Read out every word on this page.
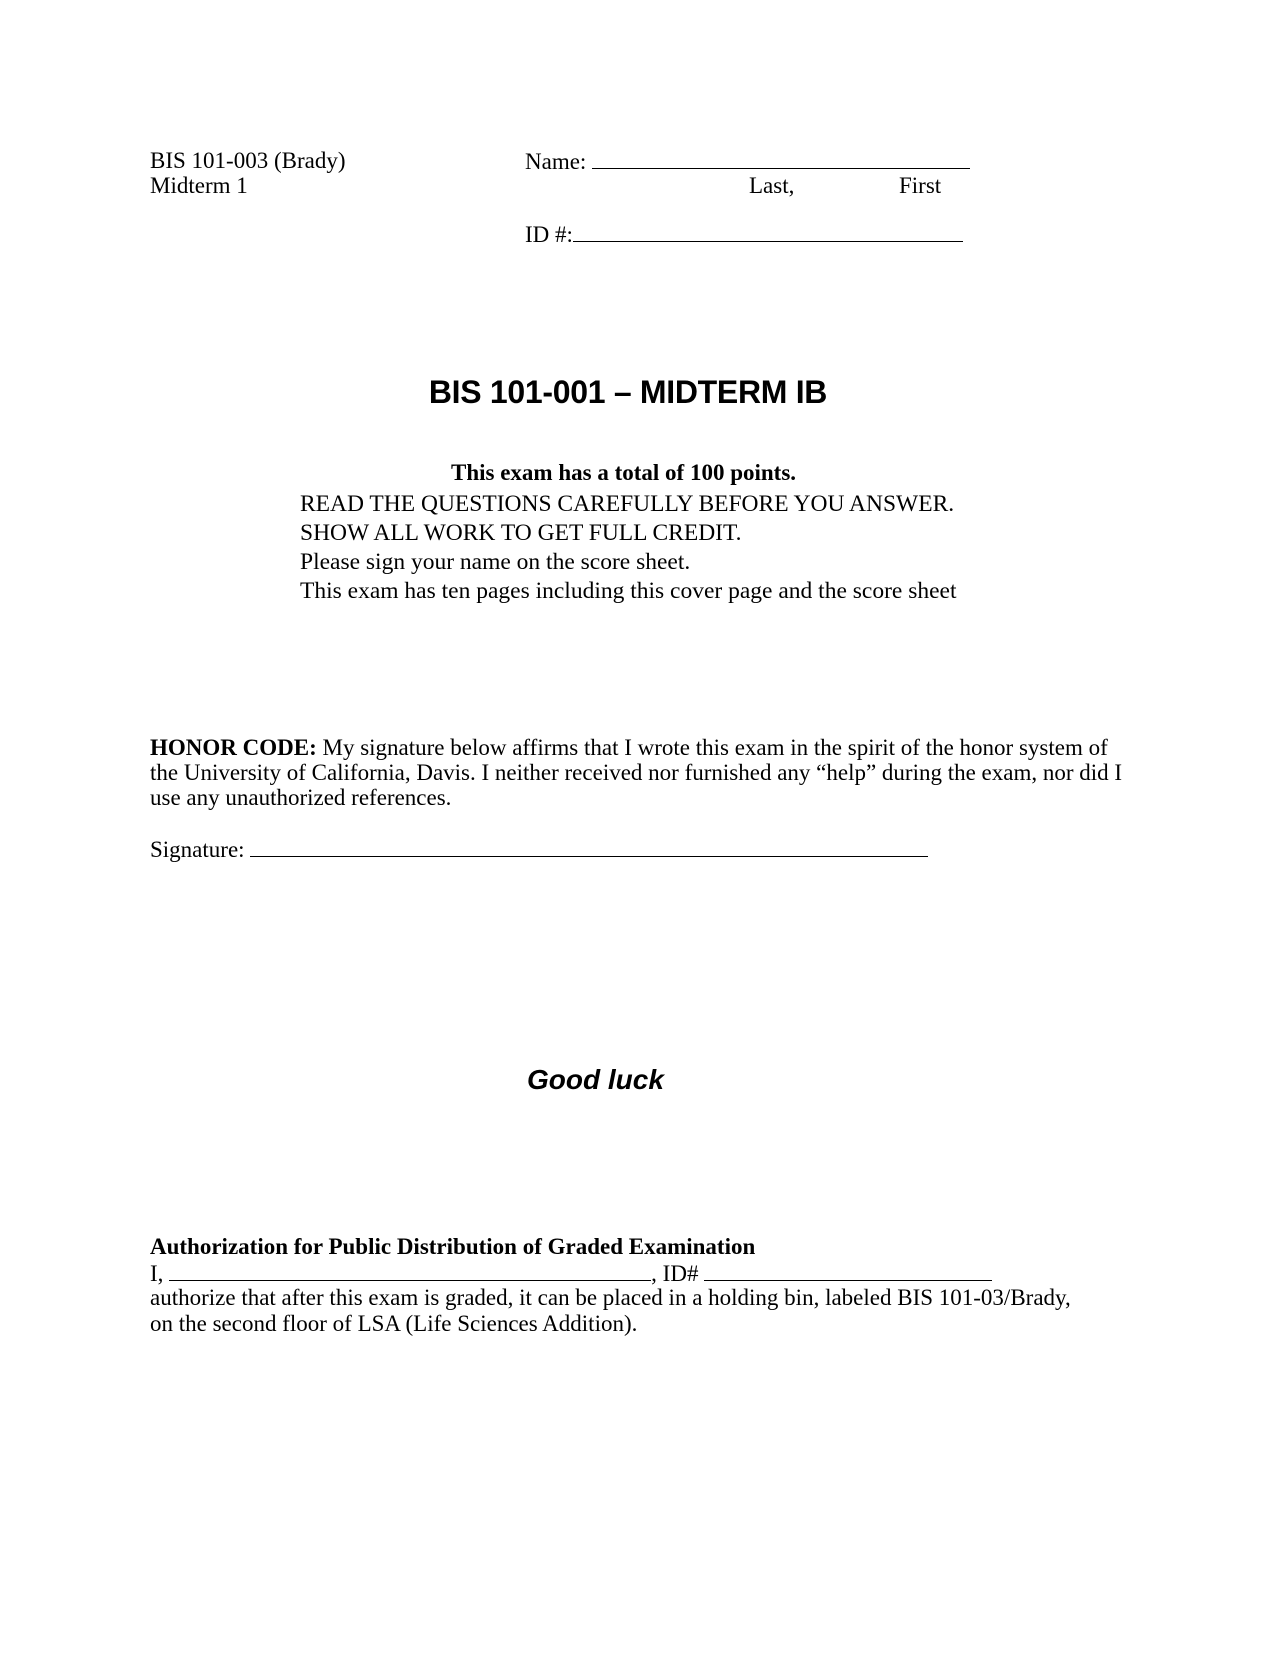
BIS 101-003 (Brady)
Midterm 1
Name:
Last,	First
ID #:
BIS 101-001 – MIDTERM IB
This exam has a total of 100 points.
READ THE QUESTIONS CAREFULLY BEFORE YOU ANSWER.
SHOW ALL WORK TO GET FULL CREDIT.
Please sign your name on the score sheet.
This exam has ten pages including this cover page and the score sheet
HONOR CODE: My signature below affirms that I wrote this exam in the spirit of the honor system of the University of California, Davis. I neither received nor furnished any “help” during the exam, nor did I use any unauthorized references.
Signature:
Good luck
Authorization for Public Distribution of Graded Examination
I,	, ID#
authorize that after this exam is graded, it can be placed in a holding bin, labeled BIS 101-03/Brady, on the second floor of LSA (Life Sciences Addition).
